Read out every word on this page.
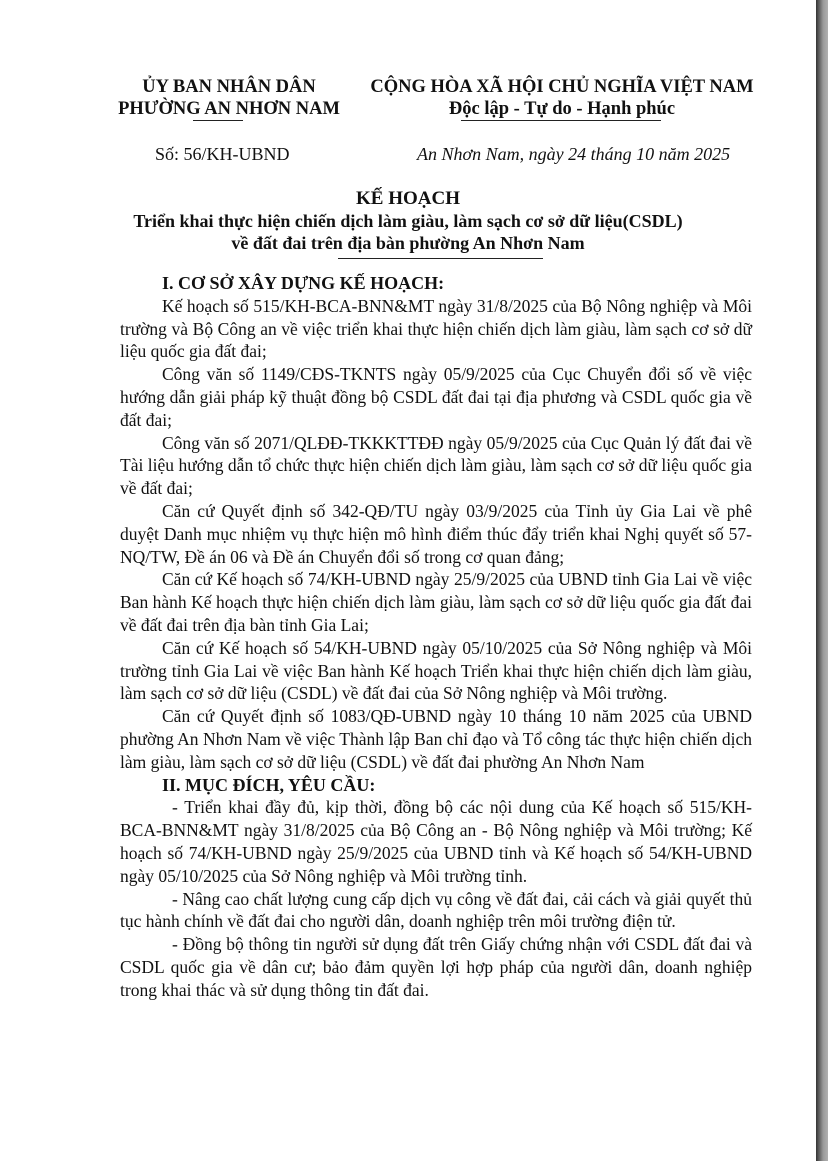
ỦY BAN NHÂN DÂN
PHƯỜNG AN NHƠN NAM
CỘNG HÒA XÃ HỘI CHỦ NGHĨA VIỆT NAM
Độc lập - Tự do - Hạnh phúc
Số: 56/KH-UBND	An Nhơn Nam, ngày 24 tháng 10 năm 2025
KẾ HOẠCH
Triển khai thực hiện chiến dịch làm giàu, làm sạch cơ sở dữ liệu(CSDL)
về đất đai trên địa bàn phường An Nhơn Nam
I. CƠ SỞ XÂY DỰNG KẾ HOẠCH:

Kế hoạch số 515/KH-BCA-BNN&MT ngày 31/8/2025 của Bộ Nông nghiệp và Môi trường và Bộ Công an về việc triển khai thực hiện chiến dịch làm giàu, làm sạch cơ sở dữ liệu quốc gia đất đai;

Công văn số 1149/CĐS-TKNTS ngày 05/9/2025 của Cục Chuyển đổi số về việc hướng dẫn giải pháp kỹ thuật đồng bộ CSDL đất đai tại địa phương và CSDL quốc gia về đất đai;

Công văn số 2071/QLĐĐ-TKKKTTĐĐ ngày 05/9/2025 của Cục Quản lý đất đai về Tài liệu hướng dẫn tổ chức thực hiện chiến dịch làm giàu, làm sạch cơ sở dữ liệu quốc gia về đất đai;

Căn cứ Quyết định số 342-QĐ/TU ngày 03/9/2025 của Tỉnh ủy Gia Lai về phê duyệt Danh mục nhiệm vụ thực hiện mô hình điểm thúc đẩy triển khai Nghị quyết số 57-NQ/TW, Đề án 06 và Đề án Chuyển đổi số trong cơ quan đảng;

Căn cứ Kế hoạch số 74/KH-UBND ngày 25/9/2025 của UBND tỉnh Gia Lai về việc Ban hành Kế hoạch thực hiện chiến dịch làm giàu, làm sạch cơ sở dữ liệu quốc gia đất đai về đất đai trên địa bàn tỉnh Gia Lai;

Căn cứ Kế hoạch số 54/KH-UBND ngày 05/10/2025 của Sở Nông nghiệp và Môi trường tỉnh Gia Lai về việc Ban hành Kế hoạch Triển khai thực hiện chiến dịch làm giàu, làm sạch cơ sở dữ liệu (CSDL) về đất đai của Sở Nông nghiệp và Môi trường.

Căn cứ Quyết định số 1083/QĐ-UBND ngày 10 tháng 10 năm 2025 của UBND phường An Nhơn Nam về việc Thành lập Ban chỉ đạo và Tổ công tác thực hiện chiến dịch làm giàu, làm sạch cơ sở dữ liệu (CSDL) về đất đai phường An Nhơn Nam

II. MỤC ĐÍCH, YÊU CẦU:

- Triển khai đầy đủ, kịp thời, đồng bộ các nội dung của Kế hoạch số 515/KH-BCA-BNN&MT ngày 31/8/2025 của Bộ Công an - Bộ Nông nghiệp và Môi trường; Kế hoạch số 74/KH-UBND ngày 25/9/2025 của UBND tỉnh và Kế hoạch số 54/KH-UBND ngày 05/10/2025 của Sở Nông nghiệp và Môi trường tỉnh.

- Nâng cao chất lượng cung cấp dịch vụ công về đất đai, cải cách và giải quyết thủ tục hành chính về đất đai cho người dân, doanh nghiệp trên môi trường điện tử.

- Đồng bộ thông tin người sử dụng đất trên Giấy chứng nhận với CSDL đất đai và CSDL quốc gia về dân cư; bảo đảm quyền lợi hợp pháp của người dân, doanh nghiệp trong khai thác và sử dụng thông tin đất đai.
